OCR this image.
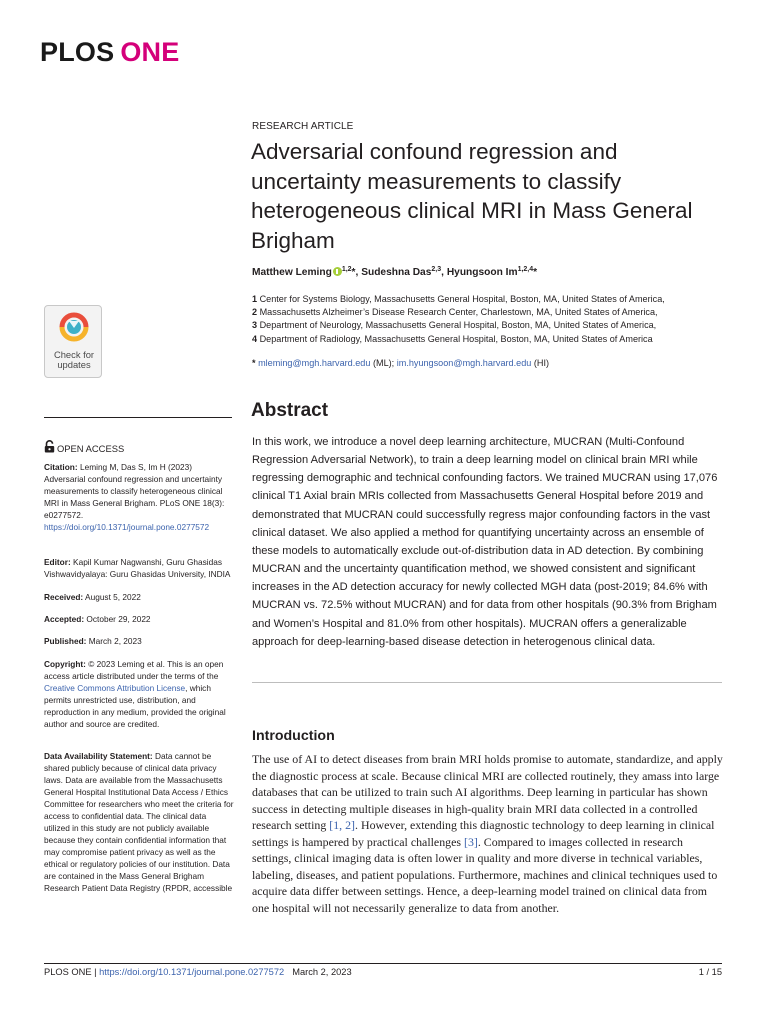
PLOS ONE
Check for
updates
RESEARCH ARTICLE
Adversarial confound regression and uncertainty measurements to classify heterogeneous clinical MRI in Mass General Brigham
Matthew Leming $^{1,2}$*, Sudeshna Das$^{2,3}$, Hyungsoon Im$^{1,2,4}$*
1 Center for Systems Biology, Massachusetts General Hospital, Boston, MA, United States of America,
2 Massachusetts Alzheimer’s Disease Research Center, Charlestown, MA, United States of America,
3 Department of Neurology, Massachusetts General Hospital, Boston, MA, United States of America,
4 Department of Radiology, Massachusetts General Hospital, Boston, MA, United States of America
* mleming@mgh.harvard.edu (ML); im.hyungsoon@mgh.harvard.edu (HI)
OPEN ACCESS
Citation: Leming M, Das S, Im H (2023) Adversarial confound regression and uncertainty measurements to classify heterogeneous clinical MRI in Mass General Brigham. PLoS ONE 18(3): e0277572. https://doi.org/10.1371/journal.pone.0277572
Editor: Kapil Kumar Nagwanshi, Guru Ghasidas Vishwavidyalaya: Guru Ghasidas University, INDIA
Received: August 5, 2022
Accepted: October 29, 2022
Published: March 2, 2023
Copyright: © 2023 Leming et al. This is an open access article distributed under the terms of the Creative Commons Attribution License, which permits unrestricted use, distribution, and reproduction in any medium, provided the original author and source are credited.
Data Availability Statement: Data cannot be shared publicly because of clinical data privacy laws. Data are available from the Massachusetts General Hospital Institutional Data Access / Ethics Committee for researchers who meet the criteria for access to confidential data. The clinical data utilized in this study are not publicly available because they contain confidential information that may compromise patient privacy as well as the ethical or regulatory policies of our institution. Data are contained in the Mass General Brigham Research Patient Data Registry (RPDR, accessible
Abstract

In this work, we introduce a novel deep learning architecture, MUCRAN (Multi-Confound Regression Adversarial Network), to train a deep learning model on clinical brain MRI while regressing demographic and technical confounding factors. We trained MUCRAN using 17,076 clinical T1 Axial brain MRIs collected from Massachusetts General Hospital before 2019 and demonstrated that MUCRAN could successfully regress major confounding factors in the vast clinical dataset. We also applied a method for quantifying uncertainty across an ensemble of these models to automatically exclude out-of-distribution data in AD detection. By combining MUCRAN and the uncertainty quantification method, we showed consistent and significant increases in the AD detection accuracy for newly collected MGH data (post-2019; 84.6% with MUCRAN vs. 72.5% without MUCRAN) and for data from other hospitals (90.3% from Brigham and Women’s Hospital and 81.0% from other hospitals). MUCRAN offers a generalizable approach for deep-learning-based disease detection in heterogenous clinical data.

Introduction

The use of AI to detect diseases from brain MRI holds promise to automate, standardize, and apply the diagnostic process at scale. Because clinical MRI are collected routinely, they amass into large databases that can be utilized to train such AI algorithms. Deep learning in particular has shown success in detecting multiple diseases in high-quality brain MRI data collected in a controlled research setting [1, 2]. However, extending this diagnostic technology to deep learning in clinical settings is hampered by practical challenges [3]. Compared to images collected in research settings, clinical imaging data is often lower in quality and more diverse in technical variables, labeling, diseases, and patient populations. Furthermore, machines and clinical techniques used to acquire data differ between settings. Hence, a deep-learning model trained on clinical data from one hospital will not necessarily generalize to data from another.

PLOS ONE | https://doi.org/10.1371/journal.pone.0277572 March 2, 2023	1 / 15
